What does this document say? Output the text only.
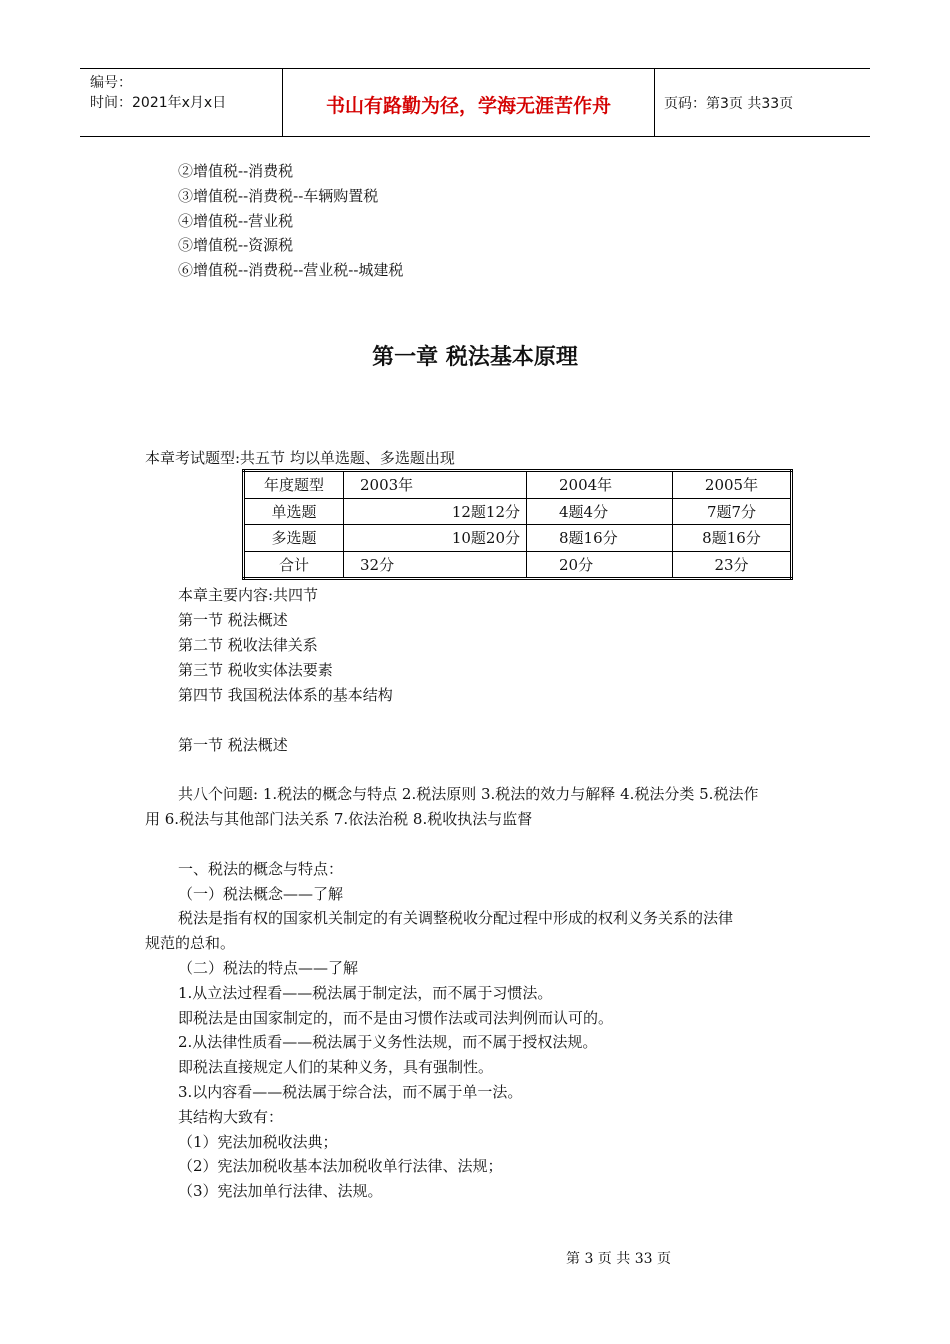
编号：
时间：2021年x月x日	书山有路勤为径，学海无涯苦作舟	页码：第3页 共33页
②增值税--消费税
③增值税--消费税--车辆购置税
④增值税--营业税
⑤增值税--资源税
⑥增值税--消费税--营业税--城建税
第一章 税法基本原理
本章考试题型:共五节 均以单选题、多选题出现
年度题型	2003年	2004年	2005年
单选题	12题12分	4题4分	7题7分
多选题	10题20分	8题16分	8题16分
合计	32分	20分	23分
本章主要内容:共四节
第一节 税法概述
第二节 税收法律关系
第三节 税收实体法要素
第四节 我国税法体系的基本结构
第一节 税法概述
共八个问题: 1.税法的概念与特点 2.税法原则 3.税法的效力与解释 4.税法分类 5.税法作
用 6.税法与其他部门法关系 7.依法治税 8.税收执法与监督
一、税法的概念与特点：
（一）税法概念——了解
税法是指有权的国家机关制定的有关调整税收分配过程中形成的权利义务关系的法律
规范的总和。
（二）税法的特点——了解
1.从立法过程看——税法属于制定法，而不属于习惯法。
即税法是由国家制定的，而不是由习惯作法或司法判例而认可的。
2.从法律性质看——税法属于义务性法规，而不属于授权法规。
即税法直接规定人们的某种义务，具有强制性。
3.以内容看——税法属于综合法，而不属于单一法。
其结构大致有：
（1）宪法加税收法典；
（2）宪法加税收基本法加税收单行法律、法规；
（3）宪法加单行法律、法规。
第 3 页 共 33 页
